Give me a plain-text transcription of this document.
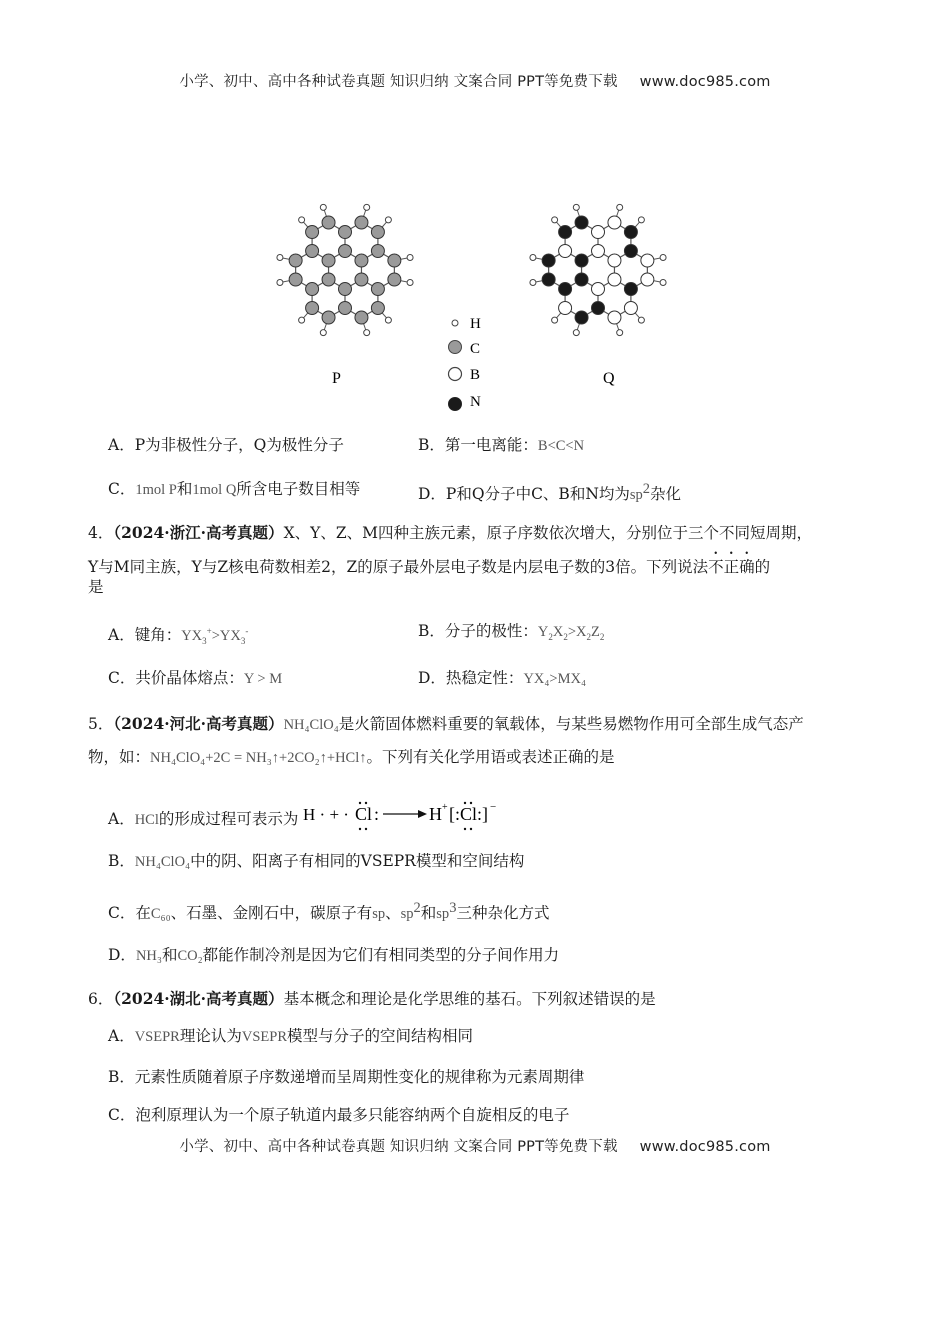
小学、初中、高中各种试卷真题 知识归纳 文案合同 PPT等免费下载 www.doc985.com
H
C
B
N
P	Q
A．P为非极性分子，Q为极性分子	B．第一电离能：B<C<N
C．1mol P和1mol Q所含电子数目相等	D．P和Q分子中C、B和N均为$sp^2$杂化
4．（2024·浙江·高考真题）X、Y、Z、M四种主族元素，原子序数依次增大，分别位于三个不同短周期，
Y与M同主族，Y与Z核电荷数相差2，Z的原子最外层电子数是内层电子数的3倍。下列说法不正确的
是
A．键角：$YX_3^+>YX_3^-$	B．分子的极性：$Y_2X_2>X_2Z_2$
C．共价晶体熔点：Y > M	D．热稳定性：YX₄>MX₄
5．（2024·河北·高考真题）NH₄ClO₄是火箭固体燃料重要的氧载体，与某些易燃物作用可全部生成气态产
物，如：NH₄ClO₄+2C = NH₃↑+2CO₂↑+HCl↑。下列有关化学用语或表述正确的是
A．HCl的形成过程可表示为 H · + · Cl :	H + [:Cl:] −
B．NH₄ClO₄中的阴、阳离子有相同的VSEPR模型和空间结构
C．在C₆₀、石墨、金刚石中，碳原子有sp、$sp^2$和$sp^3$三种杂化方式
D．NH₃和CO₂都能作制冷剂是因为它们有相同类型的分子间作用力
6．（2024·湖北·高考真题）基本概念和理论是化学思维的基石。下列叙述错误的是
A．VSEPR理论认为VSEPR模型与分子的空间结构相同
B．元素性质随着原子序数递增而呈周期性变化的规律称为元素周期律
C．泡利原理认为一个原子轨道内最多只能容纳两个自旋相反的电子
小学、初中、高中各种试卷真题 知识归纳 文案合同 PPT等免费下载 www.doc985.com
